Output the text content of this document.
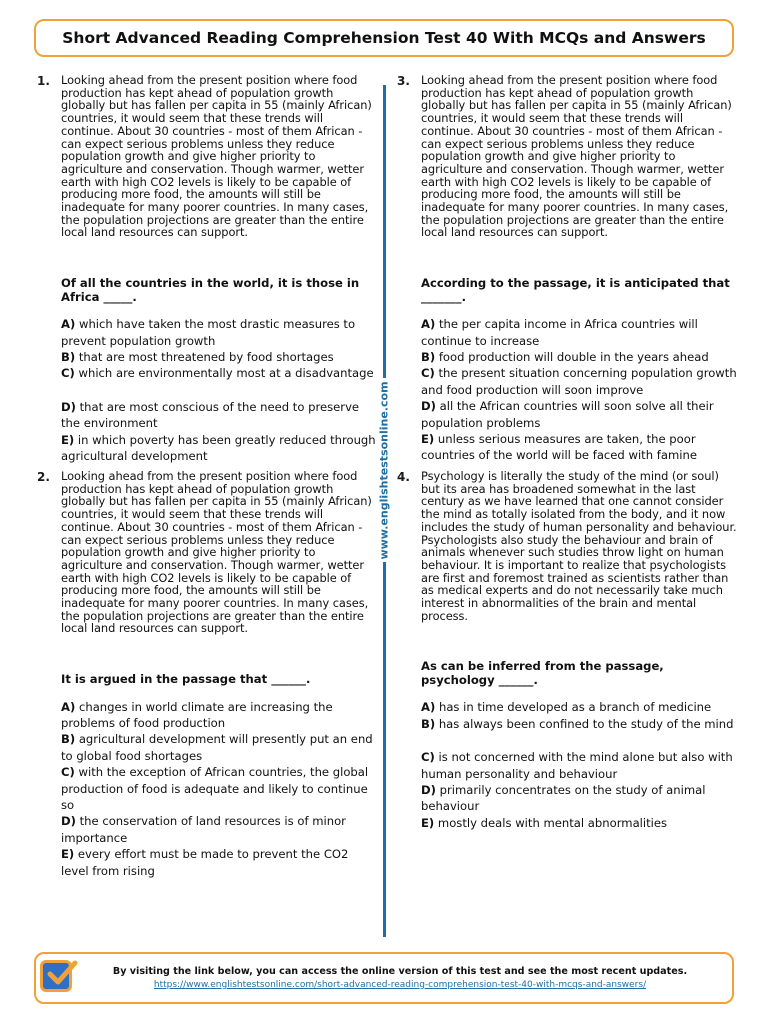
Short Advanced Reading Comprehension Test 40 With MCQs and Answers
1. Looking ahead from the present position where food production has kept ahead of population growth globally but has fallen per capita in 55 (mainly African) countries, it would seem that these trends will continue. About 30 countries - most of them African - can expect serious problems unless they reduce population growth and give higher priority to agriculture and conservation. Though warmer, wetter earth with high CO2 levels is likely to be capable of producing more food, the amounts will still be inadequate for many poorer countries. In many cases, the population projections are greater than the entire local land resources can support.
Of all the countries in the world, it is those in Africa _____.
A) which have taken the most drastic measures to prevent population growth
B) that are most threatened by food shortages
C) which are environmentally most at a disadvantage
D) that are most conscious of the need to preserve the environment
E) in which poverty has been greatly reduced through agricultural development
2. Looking ahead from the present position where food production has kept ahead of population growth globally but has fallen per capita in 55 (mainly African) countries, it would seem that these trends will continue. About 30 countries - most of them African - can expect serious problems unless they reduce population growth and give higher priority to agriculture and conservation. Though warmer, wetter earth with high CO2 levels is likely to be capable of producing more food, the amounts will still be inadequate for many poorer countries. In many cases, the population projections are greater than the entire local land resources can support.
It is argued in the passage that ______.
A) changes in world climate are increasing the problems of food production
B) agricultural development will presently put an end to global food shortages
C) with the exception of African countries, the global production of food is adequate and likely to continue so
D) the conservation of land resources is of minor importance
E) every effort must be made to prevent the CO2 level from rising
www.englishtestsonline.com
3. Looking ahead from the present position where food production has kept ahead of population growth globally but has fallen per capita in 55 (mainly African) countries, it would seem that these trends will continue. About 30 countries - most of them African - can expect serious problems unless they reduce population growth and give higher priority to agriculture and conservation. Though warmer, wetter earth with high CO2 levels is likely to be capable of producing more food, the amounts will still be inadequate for many poorer countries. In many cases, the population projections are greater than the entire local land resources can support.
According to the passage, it is anticipated that _______.
A) the per capita income in Africa countries will continue to increase
B) food production will double in the years ahead
C) the present situation concerning population growth and food production will soon improve
D) all the African countries will soon solve all their population problems
E) unless serious measures are taken, the poor countries of the world will be faced with famine
4. Psychology is literally the study of the mind (or soul) but its area has broadened somewhat in the last century as we have learned that one cannot consider the mind as totally isolated from the body, and it now includes the study of human personality and behaviour. Psychologists also study the behaviour and brain of animals whenever such studies throw light on human behaviour. It is important to realize that psychologists are first and foremost trained as scientists rather than as medical experts and do not necessarily take much interest in abnormalities of the brain and mental process.
As can be inferred from the passage, psychology ______.
A) has in time developed as a branch of medicine
B) has always been confined to the study of the mind
C) is not concerned with the mind alone but also with human personality and behaviour
D) primarily concentrates on the study of animal behaviour
E) mostly deals with mental abnormalities
By visiting the link below, you can access the online version of this test and see the most recent updates.
https://www.englishtestsonline.com/short-advanced-reading-comprehension-test-40-with-mcqs-and-answers/
